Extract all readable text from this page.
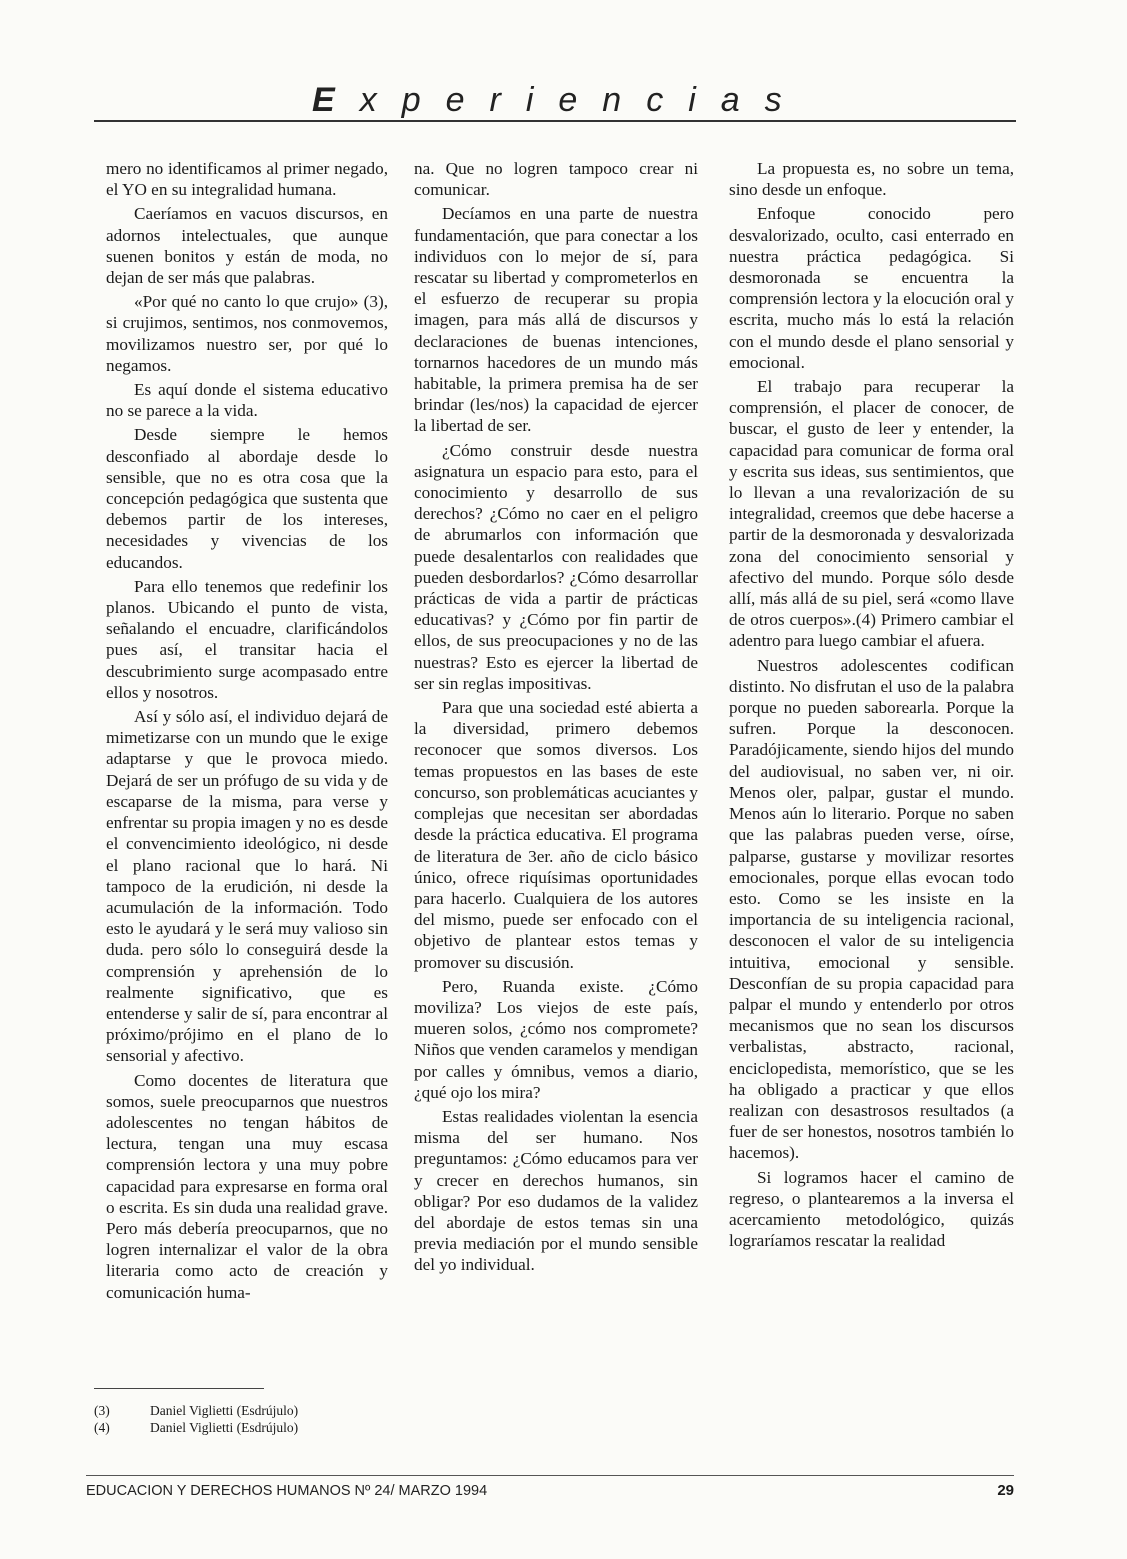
Experiencias

mero no identificamos al primer negado, el YO en su integralidad humana.

Caeríamos en vacuos discursos, en adornos intelectuales, que aunque suenen bonitos y están de moda, no dejan de ser más que palabras.

«Por qué no canto lo que crujo» (3), si crujimos, sentimos, nos conmovemos, movilizamos nuestro ser, por qué lo negamos.

Es aquí donde el sistema educativo no se parece a la vida.

Desde siempre le hemos desconfiado al abordaje desde lo sensible, que no es otra cosa que la concepción pedagógica que sustenta que debemos partir de los intereses, necesidades y vivencias de los educandos.

Para ello tenemos que redefinir los planos. Ubicando el punto de vista, señalando el encuadre, clarificándolos pues así, el transitar hacia el descubrimiento surge acompasado entre ellos y nosotros.

Así y sólo así, el individuo dejará de mimetizarse con un mundo que le exige adaptarse y que le provoca miedo. Dejará de ser un prófugo de su vida y de escaparse de la misma, para verse y enfrentar su propia imagen y no es desde el convencimiento ideológico, ni desde el plano racional que lo hará. Ni tampoco de la erudición, ni desde la acumulación de la información. Todo esto le ayudará y le será muy valioso sin duda. pero sólo lo conseguirá desde la comprensión y aprehensión de lo realmente significativo, que es entenderse y salir de sí, para encontrar al próximo/prójimo en el plano de lo sensorial y afectivo.

Como docentes de literatura que somos, suele preocuparnos que nuestros adolescentes no tengan hábitos de lectura, tengan una muy escasa comprensión lectora y una muy pobre capacidad para expresarse en forma oral o escrita. Es sin duda una realidad grave. Pero más debería preocuparnos, que no logren internalizar el valor de la obra literaria como acto de creación y comunicación huma-

na. Que no logren tampoco crear ni comunicar.

Decíamos en una parte de nuestra fundamentación, que para conectar a los individuos con lo mejor de sí, para rescatar su libertad y comprometerlos en el esfuerzo de recuperar su propia imagen, para más allá de discursos y declaraciones de buenas intenciones, tornarnos hacedores de un mundo más habitable, la primera premisa ha de ser brindar (les/nos) la capacidad de ejercer la libertad de ser.

¿Cómo construir desde nuestra asignatura un espacio para esto, para el conocimiento y desarrollo de sus derechos? ¿Cómo no caer en el peligro de abrumarlos con información que puede desalentarlos con realidades que pueden desbordarlos? ¿Cómo desarrollar prácticas de vida a partir de prácticas educativas? y ¿Cómo por fin partir de ellos, de sus preocupaciones y no de las nuestras? Esto es ejercer la libertad de ser sin reglas impositivas.

Para que una sociedad esté abierta a la diversidad, primero debemos reconocer que somos diversos. Los temas propuestos en las bases de este concurso, son problemáticas acuciantes y complejas que necesitan ser abordadas desde la práctica educativa. El programa de literatura de 3er. año de ciclo básico único, ofrece riquísimas oportunidades para hacerlo. Cualquiera de los autores del mismo, puede ser enfocado con el objetivo de plantear estos temas y promover su discusión.

Pero, Ruanda existe. ¿Cómo moviliza? Los viejos de este país, mueren solos, ¿cómo nos compromete? Niños que venden caramelos y mendigan por calles y ómnibus, vemos a diario, ¿qué ojo los mira?

Estas realidades violentan la esencia misma del ser humano. Nos preguntamos: ¿Cómo educamos para ver y crecer en derechos humanos, sin obligar? Por eso dudamos de la validez del abordaje de estos temas sin una previa mediación por el mundo sensible del yo individual.

La propuesta es, no sobre un tema, sino desde un enfoque.

Enfoque conocido pero desvalorizado, oculto, casi enterrado en nuestra práctica pedagógica. Si desmoronada se encuentra la comprensión lectora y la elocución oral y escrita, mucho más lo está la relación con el mundo desde el plano sensorial y emocional.

El trabajo para recuperar la comprensión, el placer de conocer, de buscar, el gusto de leer y entender, la capacidad para comunicar de forma oral y escrita sus ideas, sus sentimientos, que lo llevan a una revalorización de su integralidad, creemos que debe hacerse a partir de la desmoronada y desvalorizada zona del conocimiento sensorial y afectivo del mundo. Porque sólo desde allí, más allá de su piel, será «como llave de otros cuerpos».(4) Primero cambiar el adentro para luego cambiar el afuera.

Nuestros adolescentes codifican distinto. No disfrutan el uso de la palabra porque no pueden saborearla. Porque la sufren. Porque la desconocen. Paradójicamente, siendo hijos del mundo del audiovisual, no saben ver, ni oir. Menos oler, palpar, gustar el mundo. Menos aún lo literario. Porque no saben que las palabras pueden verse, oírse, palparse, gustarse y movilizar resortes emocionales, porque ellas evocan todo esto. Como se les insiste en la importancia de su inteligencia racional, desconocen el valor de su inteligencia intuitiva, emocional y sensible. Desconfían de su propia capacidad para palpar el mundo y entenderlo por otros mecanismos que no sean los discursos verbalistas, abstracto, racional, enciclopedista, memorístico, que se les ha obligado a practicar y que ellos realizan con desastrosos resultados (a fuer de ser honestos, nosotros también lo hacemos).

Si logramos hacer el camino de regreso, o plantearemos a la inversa el acercamiento metodológico, quizás lograríamos rescatar la realidad

(3)	Daniel Viglietti (Esdrújulo)
(4)	Daniel Viglietti (Esdrújulo)
EDUCACION Y DERECHOS HUMANOS Nº 24/ MARZO 1994	29
